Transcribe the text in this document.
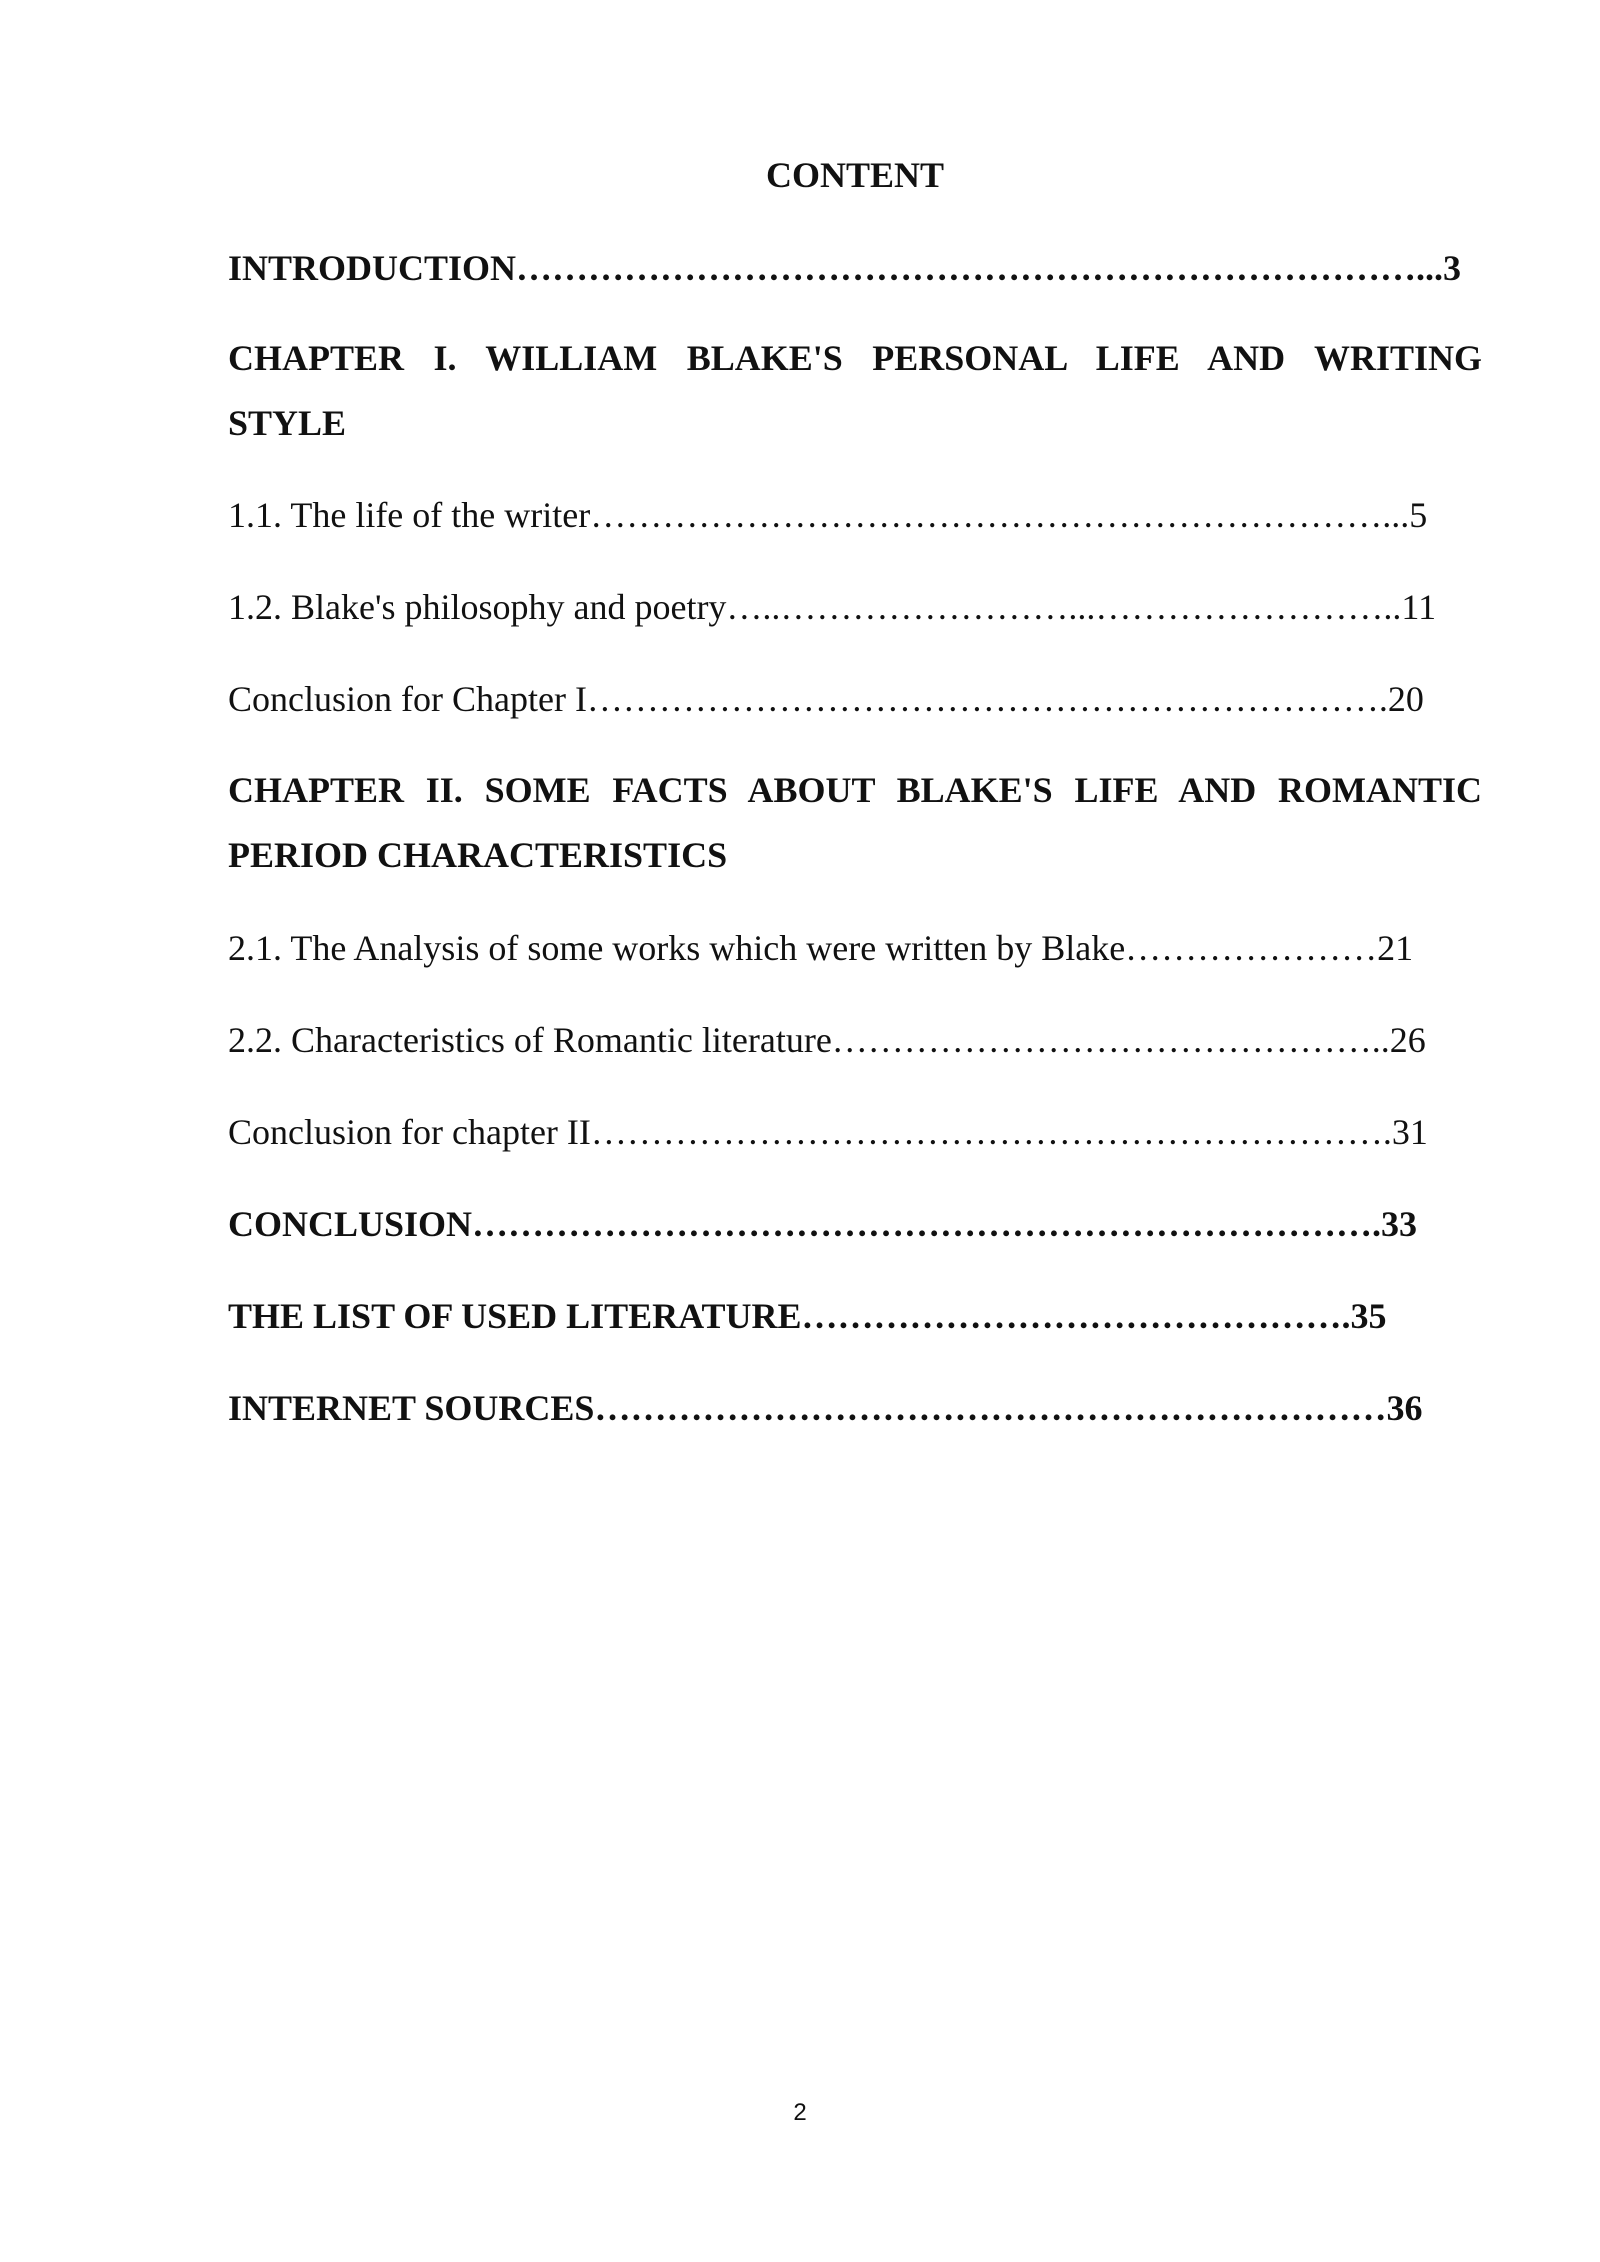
CONTENT
INTRODUCTION…………………………………………………………………...3
CHAPTER I. WILLIAM BLAKE'S PERSONAL LIFE AND WRITING
STYLE
1.1. The life of the writer…………………………………………………………...5
1.2. Blake's philosophy and poetry…..……………………...……………………..11
Conclusion for Chapter I………………………………………………………….20
CHAPTER II. SOME FACTS ABOUT BLAKE'S LIFE AND ROMANTIC
PERIOD CHARACTERISTICS
2.1. The Analysis of some works which were written by Blake…………………21
2.2. Characteristics of Romantic literature………………………………………..26
Conclusion for chapter II………………………………………………………….31
CONCLUSION………………………………………………………………….33
THE LIST OF USED LITERATURE……………………………………….35
INTERNET SOURCES…………………………………………………………36
2
